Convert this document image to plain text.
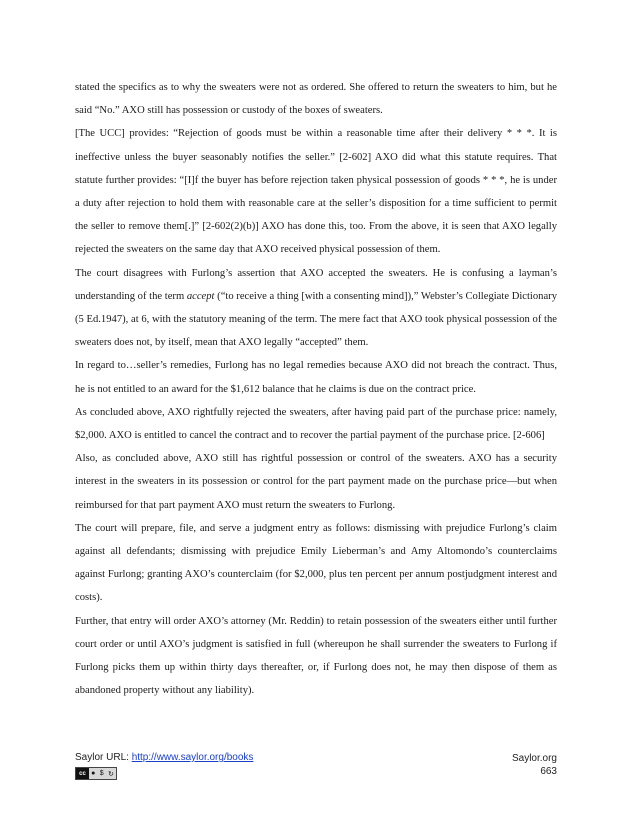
stated the specifics as to why the sweaters were not as ordered. She offered to return the sweaters to him, but he said “No.” AXO still has possession or custody of the boxes of sweaters.

[The UCC] provides: “Rejection of goods must be within a reasonable time after their delivery * * *. It is ineffective unless the buyer seasonably notifies the seller.” [2-602] AXO did what this statute requires. That statute further provides: “[I]f the buyer has before rejection taken physical possession of goods * * *, he is under a duty after rejection to hold them with reasonable care at the seller’s disposition for a time sufficient to permit the seller to remove them[.]” [2-602(2)(b)] AXO has done this, too. From the above, it is seen that AXO legally rejected the sweaters on the same day that AXO received physical possession of them.

The court disagrees with Furlong’s assertion that AXO accepted the sweaters. He is confusing a layman’s understanding of the term accept (“to receive a thing [with a consenting mind]),” Webster’s Collegiate Dictionary (5 Ed.1947), at 6, with the statutory meaning of the term. The mere fact that AXO took physical possession of the sweaters does not, by itself, mean that AXO legally “accepted” them.

In regard to…seller’s remedies, Furlong has no legal remedies because AXO did not breach the contract. Thus, he is not entitled to an award for the $1,612 balance that he claims is due on the contract price.

As concluded above, AXO rightfully rejected the sweaters, after having paid part of the purchase price: namely, $2,000. AXO is entitled to cancel the contract and to recover the partial payment of the purchase price. [2-606]

Also, as concluded above, AXO still has rightful possession or control of the sweaters. AXO has a security interest in the sweaters in its possession or control for the part payment made on the purchase price—but when reimbursed for that part payment AXO must return the sweaters to Furlong.

The court will prepare, file, and serve a judgment entry as follows: dismissing with prejudice Furlong’s claim against all defendants; dismissing with prejudice Emily Lieberman’s and Amy Altomondo’s counterclaims against Furlong; granting AXO’s counterclaim (for $2,000, plus ten percent per annum postjudgment interest and costs).

Further, that entry will order AXO’s attorney (Mr. Reddin) to retain possession of the sweaters either until further court order or until AXO’s judgment is satisfied in full (whereupon he shall surrender the sweaters to Furlong if Furlong picks them up within thirty days thereafter, or, if Furlong does not, he may then dispose of them as abandoned property without any liability).

Saylor URL: http://www.saylor.org/books
cc ● $ ↻
Saylor.org
663
